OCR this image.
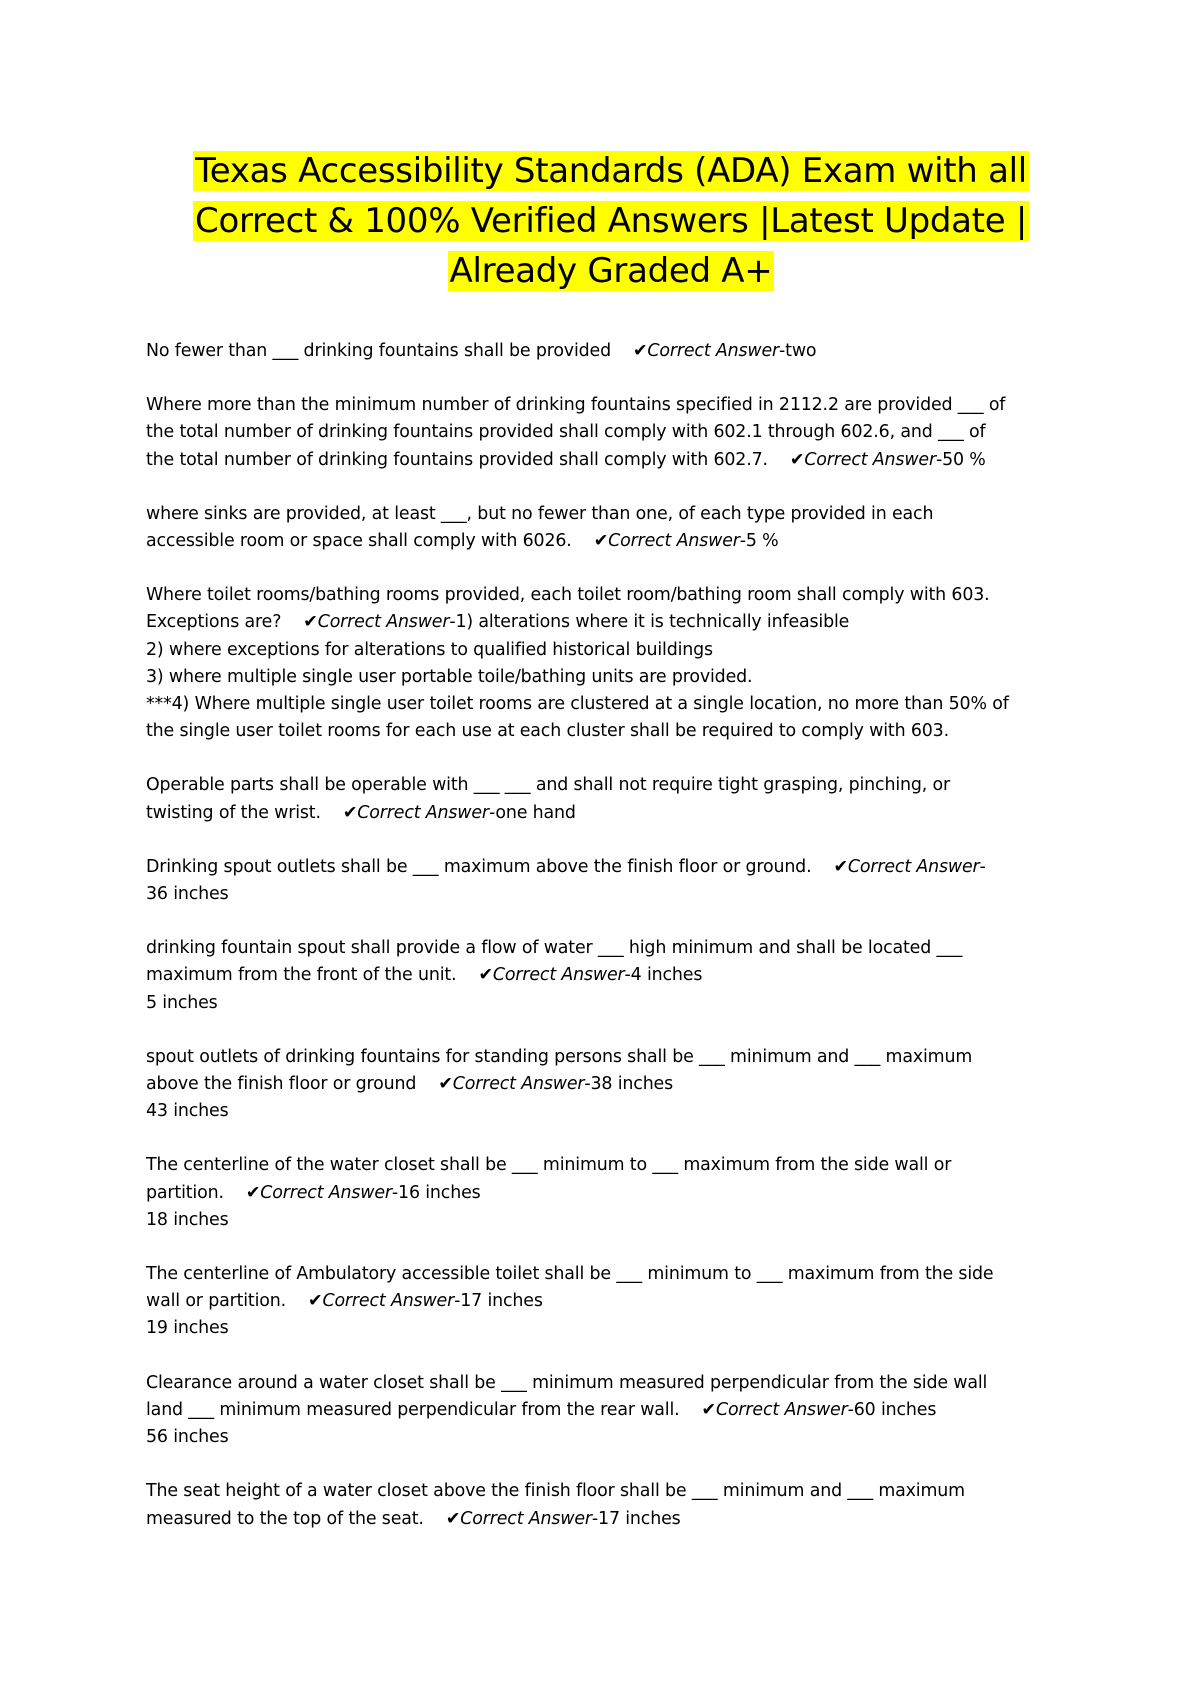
Texas Accessibility Standards (ADA) Exam with all
Correct & 100% Verified Answers |Latest Update |
Already Graded A+

No fewer than ___ drinking fountains shall be provided ✔Correct Answer-two

Where more than the minimum number of drinking fountains specified in 2112.2 are provided ___ of
the total number of drinking fountains provided shall comply with 602.1 through 602.6, and ___ of
the total number of drinking fountains provided shall comply with 602.7. ✔Correct Answer-50 %

where sinks are provided, at least ___, but no fewer than one, of each type provided in each
accessible room or space shall comply with 6026. ✔Correct Answer-5 %

Where toilet rooms/bathing rooms provided, each toilet room/bathing room shall comply with 603.
Exceptions are? ✔Correct Answer-1) alterations where it is technically infeasible
2) where exceptions for alterations to qualified historical buildings
3) where multiple single user portable toile/bathing units are provided.
***4) Where multiple single user toilet rooms are clustered at a single location, no more than 50% of
the single user toilet rooms for each use at each cluster shall be required to comply with 603.

Operable parts shall be operable with ___ ___ and shall not require tight grasping, pinching, or
twisting of the wrist. ✔Correct Answer-one hand

Drinking spout outlets shall be ___ maximum above the finish floor or ground. ✔Correct Answer-
36 inches

drinking fountain spout shall provide a flow of water ___ high minimum and shall be located ___
maximum from the front of the unit. ✔Correct Answer-4 inches
5 inches

spout outlets of drinking fountains for standing persons shall be ___ minimum and ___ maximum
above the finish floor or ground ✔Correct Answer-38 inches
43 inches

The centerline of the water closet shall be ___ minimum to ___ maximum from the side wall or
partition. ✔Correct Answer-16 inches
18 inches

The centerline of Ambulatory accessible toilet shall be ___ minimum to ___ maximum from the side
wall or partition. ✔Correct Answer-17 inches
19 inches

Clearance around a water closet shall be ___ minimum measured perpendicular from the side wall
land ___ minimum measured perpendicular from the rear wall. ✔Correct Answer-60 inches
56 inches

The seat height of a water closet above the finish floor shall be ___ minimum and ___ maximum
measured to the top of the seat. ✔Correct Answer-17 inches
